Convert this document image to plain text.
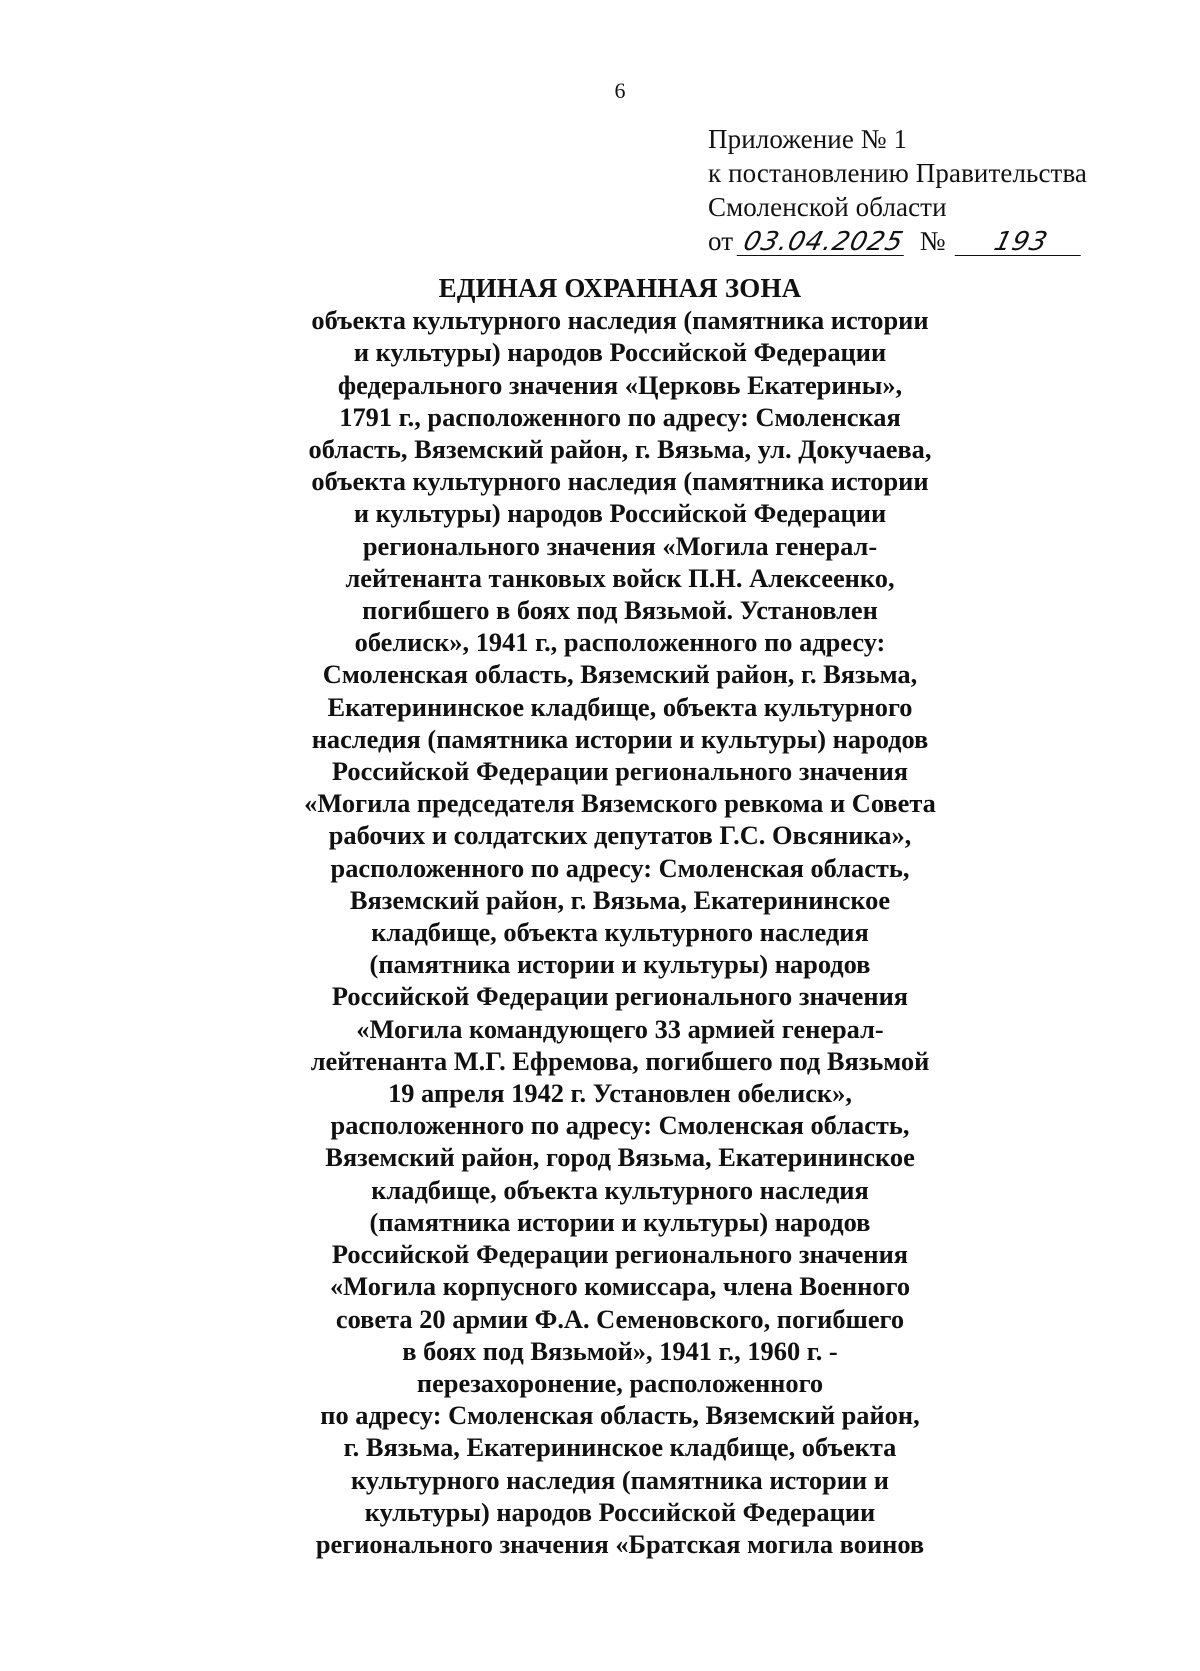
6
Приложение № 1
к постановлению Правительства
Смоленской области
от 03.04.2025 № 193
ЕДИНАЯ ОХРАННАЯ ЗОНА
объекта культурного наследия (памятника истории
и культуры) народов Российской Федерации
федерального значения «Церковь Екатерины»,
1791 г., расположенного по адресу: Смоленская
область, Вяземский район, г. Вязьма, ул. Докучаева,
объекта культурного наследия (памятника истории
и культуры) народов Российской Федерации
регионального значения «Могила генерал-
лейтенанта танковых войск П.Н. Алексеенко,
погибшего в боях под Вязьмой. Установлен
обелиск», 1941 г., расположенного по адресу:
Смоленская область, Вяземский район, г. Вязьма,
Екатерининское кладбище, объекта культурного
наследия (памятника истории и культуры) народов
Российской Федерации регионального значения
«Могила председателя Вяземского ревкома и Совета
рабочих и солдатских депутатов Г.С. Овсяника»,
расположенного по адресу: Смоленская область,
Вяземский район, г. Вязьма, Екатерининское
кладбище, объекта культурного наследия
(памятника истории и культуры) народов
Российской Федерации регионального значения
«Могила командующего 33 армией генерал-
лейтенанта М.Г. Ефремова, погибшего под Вязьмой
19 апреля 1942 г. Установлен обелиск»,
расположенного по адресу: Смоленская область,
Вяземский район, город Вязьма, Екатерининское
кладбище, объекта культурного наследия
(памятника истории и культуры) народов
Российской Федерации регионального значения
«Могила корпусного комиссара, члена Военного
совета 20 армии Ф.А. Семеновского, погибшего
в боях под Вязьмой», 1941 г., 1960 г. -
перезахоронение, расположенного
по адресу: Смоленская область, Вяземский район,
г. Вязьма, Екатерининское кладбище, объекта
культурного наследия (памятника истории и
культуры) народов Российской Федерации
регионального значения «Братская могила воинов
